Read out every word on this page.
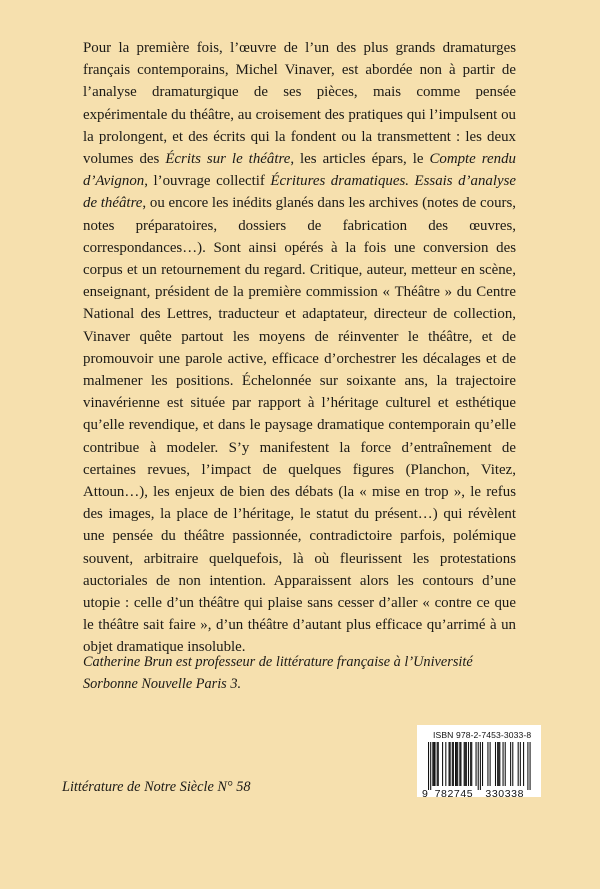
Pour la première fois, l’œuvre de l’un des plus grands dramaturges français contemporains, Michel Vinaver, est abordée non à partir de l’analyse dramaturgique de ses pièces, mais comme pensée expérimentale du théâtre, au croisement des pratiques qui l’impulsent ou la prolongent, et des écrits qui la fondent ou la transmettent : les deux volumes des Écrits sur le théâtre, les articles épars, le Compte rendu d’Avignon, l’ouvrage collectif Écritures dramatiques. Essais d’analyse de théâtre, ou encore les inédits glanés dans les archives (notes de cours, notes préparatoires, dossiers de fabrication des œuvres, correspondances…). Sont ainsi opérés à la fois une conversion des corpus et un retournement du regard. Critique, auteur, metteur en scène, enseignant, président de la première commission « Théâtre » du Centre National des Lettres, traducteur et adaptateur, directeur de collection, Vinaver quête partout les moyens de réinventer le théâtre, et de promouvoir une parole active, efficace d’orchestrer les décalages et de malmener les positions. Échelonnée sur soixante ans, la trajectoire vinavérienne est située par rapport à l’héritage culturel et esthétique qu’elle revendique, et dans le paysage dramatique contemporain qu’elle contribue à modeler. S’y manifestent la force d’entraînement de certaines revues, l’impact de quelques figures (Planchon, Vitez, Attoun…), les enjeux de bien des débats (la « mise en trop », le refus des images, la place de l’héritage, le statut du présent…) qui révèlent une pensée du théâtre passionnée, contradictoire parfois, polémique souvent, arbitraire quelquefois, là où fleurissent les protestations auctoriales de non intention. Apparaissent alors les contours d’une utopie : celle d’un théâtre qui plaise sans cesser d’aller « contre ce que le théâtre sait faire », d’un théâtre d’autant plus efficace qu’arrimé à un objet dramatique insoluble.

Catherine Brun est professeur de littérature française à l’Université Sorbonne Nouvelle Paris 3.

Littérature de Notre Siècle N° 58
ISBN 978-2-7453-3033-8
9 782745 330338
